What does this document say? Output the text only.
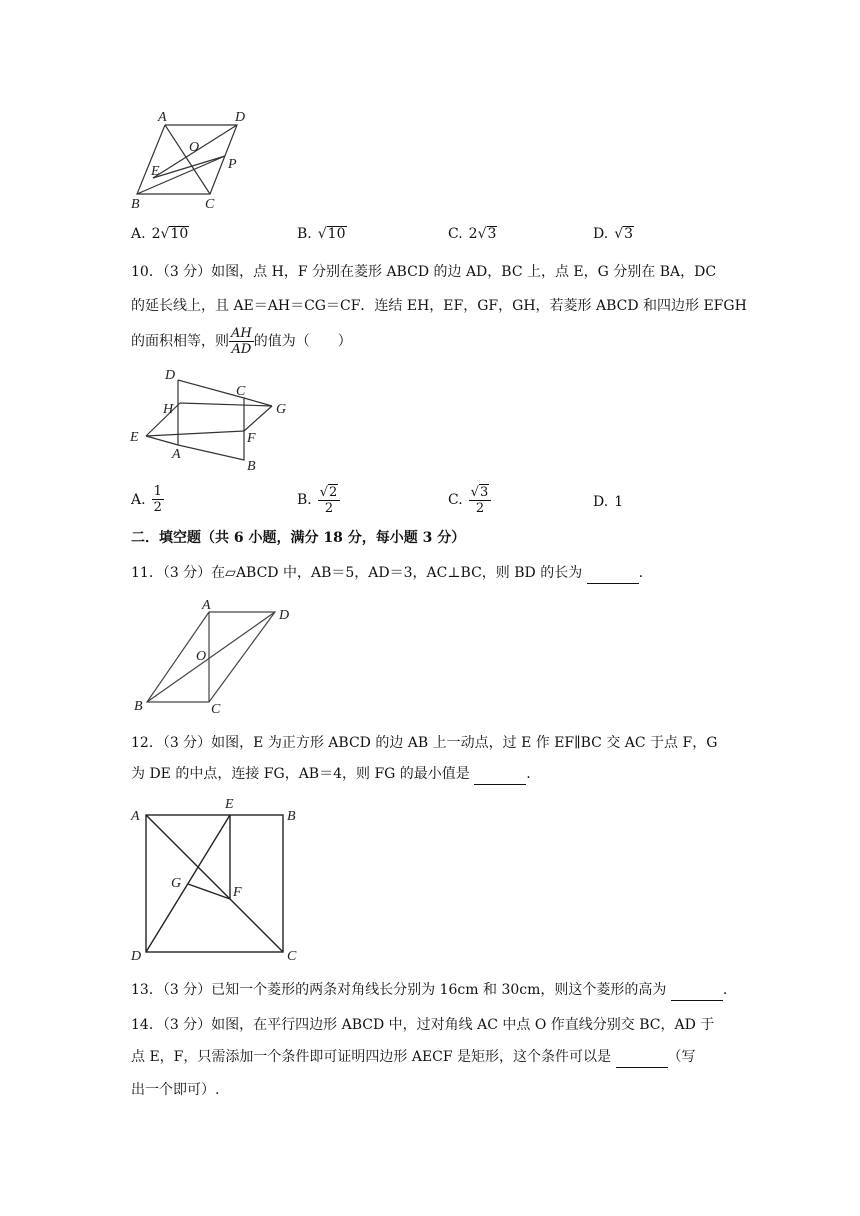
A	D
O
P
E
B	C
A. 2 √ 10	B. √ 10	C. 2 √ 3	D. √ 3
10．（3 分）如图，点 H，F 分别在菱形 ABCD 的边 AD，BC 上，点 E，G 分别在 BA，DC
的延长线上，且 AE＝AH＝CG＝CF．连结 EH，EF，GF，GH，若菱形 ABCD 和四边形 EFGH
的面积相等，则 $\frac{AH}{AD}$ 的值为（　　）
D
C
H	G
E	F
A
B
A. $\frac{1}{2}$	B. $\frac{√2}{2}$	C. $\frac{√3}{2}$	D. 1
二．填空题（共 6 小题，满分 18 分，每小题 3 分）
11．（3 分）在▱ABCD 中，AB＝5，AD＝3，AC⊥BC，则 BD 的长为	.
A
D
O
B	C
12．（3 分）如图，E 为正方形 ABCD 的边 AB 上一动点，过 E 作 EF∥BC 交 AC 于点 F，G
为 DE 的中点，连接 FG，AB＝4，则 FG 的最小值是	.
A
E
B
G
F
D	C
13．（3 分）已知一个菱形的两条对角线长分别为 16cm 和 30cm，则这个菱形的高为	.
14．（3 分）如图，在平行四边形 ABCD 中，过对角线 AC 中点 O 作直线分别交 BC，AD 于
点 E，F，只需添加一个条件即可证明四边形 AECF 是矩形，这个条件可以是	（写
出一个即可）.
